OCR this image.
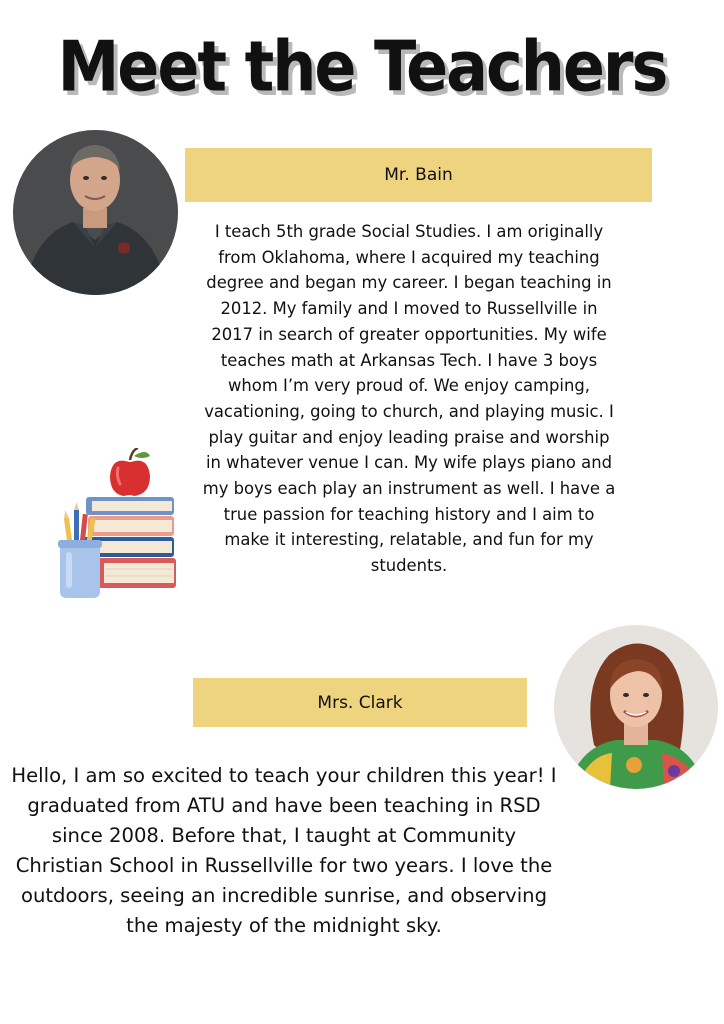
Meet the Teachers
Mr. Bain

I teach 5th grade Social Studies. I am originally from Oklahoma, where I acquired my teaching degree and began my career. I began teaching in 2012. My family and I moved to Russellville in 2017 in search of greater opportunities. My wife teaches math at Arkansas Tech. I have 3 boys whom I’m very proud of. We enjoy camping, vacationing, going to church, and playing music. I play guitar and enjoy leading praise and worship in whatever venue I can. My wife plays piano and my boys each play an instrument as well. I have a true passion for teaching history and I aim to make it interesting, relatable, and fun for my students.

Mrs. Clark

Hello, I am so excited to teach your children this year! I graduated from ATU and have been teaching in RSD since 2008. Before that, I taught at Community Christian School in Russellville for two years. I love the outdoors, seeing an incredible sunrise, and observing the majesty of the midnight sky.
